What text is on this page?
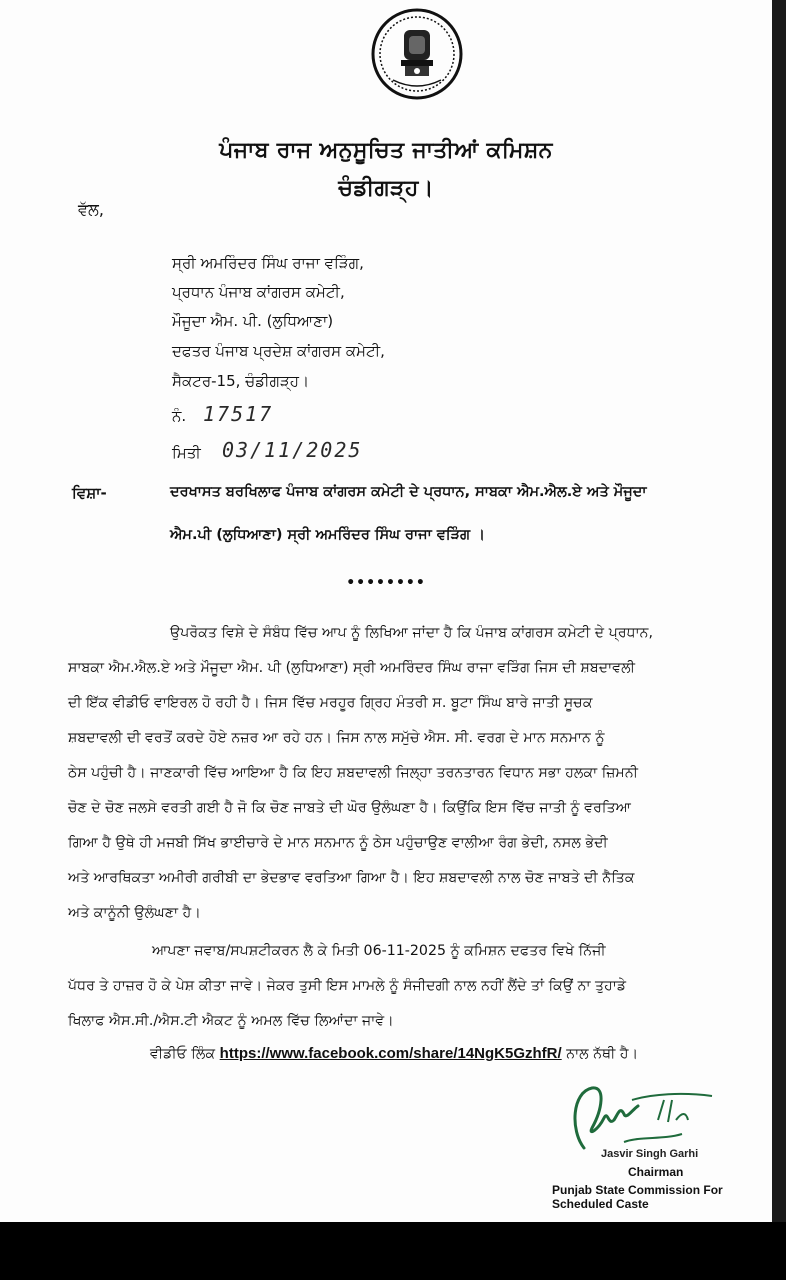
ਪੰਜਾਬ ਰਾਜ ਅਨੁਸੂਚਿਤ ਜਾਤੀਆਂ ਕਮਿਸ਼ਨ
ਚੰਡੀਗੜ੍ਹ।
ਵੱਲ,
ਸ੍ਰੀ ਅਮਰਿੰਦਰ ਸਿੰਘ ਰਾਜਾ ਵੜਿੰਗ,
ਪ੍ਰਧਾਨ ਪੰਜਾਬ ਕਾਂਗਰਸ ਕਮੇਟੀ,
ਮੌਜੂਦਾ ਐਮ. ਪੀ. (ਲੁਧਿਆਣਾ)
ਦਫਤਰ ਪੰਜਾਬ ਪ੍ਰਦੇਸ਼ ਕਾਂਗਰਸ ਕਮੇਟੀ,
ਸੈਕਟਰ-15, ਚੰਡੀਗੜ੍ਹ।
ਨੰ. 17517
ਮਿਤੀ 03/11/2025
ਵਿਸ਼ਾ-	ਦਰਖਾਸਤ ਬਰਖਿਲਾਫ ਪੰਜਾਬ ਕਾਂਗਰਸ ਕਮੇਟੀ ਦੇ ਪ੍ਰਧਾਨ, ਸਾਬਕਾ ਐਮ.ਐਲ.ਏ ਅਤੇ ਮੌਜੂਦਾ
ਐਮ.ਪੀ (ਲੁਧਿਆਣਾ) ਸ੍ਰੀ ਅਮਰਿੰਦਰ ਸਿੰਘ ਰਾਜਾ ਵੜਿੰਗ ।
••••••••
ਉਪਰੋਕਤ ਵਿਸ਼ੇ ਦੇ ਸੰਬੰਧ ਵਿੱਚ ਆਪ ਨੂੰ ਲਿਖਿਆ ਜਾਂਦਾ ਹੈ ਕਿ ਪੰਜਾਬ ਕਾਂਗਰਸ ਕਮੇਟੀ ਦੇ ਪ੍ਰਧਾਨ,
ਸਾਬਕਾ ਐਮ.ਐਲ.ਏ ਅਤੇ ਮੌਜੂਦਾ ਐਮ. ਪੀ (ਲੁਧਿਆਣਾ) ਸ੍ਰੀ ਅਮਰਿੰਦਰ ਸਿੰਘ ਰਾਜਾ ਵੜਿੰਗ ਜਿਸ ਦੀ ਸ਼ਬਦਾਵਲੀ
ਦੀ ਇੱਕ ਵੀਡੀਓ ਵਾਇਰਲ ਹੋ ਰਹੀ ਹੈ। ਜਿਸ ਵਿੱਚ ਮਰਹੂਰ ਗ੍ਰਿਹ ਮੰਤਰੀ ਸ. ਬੂਟਾ ਸਿੰਘ ਬਾਰੇ ਜਾਤੀ ਸੂਚਕ
ਸ਼ਬਦਾਵਲੀ ਦੀ ਵਰਤੋਂ ਕਰਦੇ ਹੋਏ ਨਜ਼ਰ ਆ ਰਹੇ ਹਨ। ਜਿਸ ਨਾਲ ਸਮੁੱਚੇ ਐਸ. ਸੀ. ਵਰਗ ਦੇ ਮਾਨ ਸਨਮਾਨ ਨੂੰ
ਠੇਸ ਪਹੁੰਚੀ ਹੈ। ਜਾਣਕਾਰੀ ਵਿੱਚ ਆਇਆ ਹੈ ਕਿ ਇਹ ਸ਼ਬਦਾਵਲੀ ਜਿਲ੍ਹਾ ਤਰਨਤਾਰਨ ਵਿਧਾਨ ਸਭਾ ਹਲਕਾ ਜ਼ਿਮਨੀ
ਚੋਣ ਦੇ ਚੋਣ ਜਲਸੇ ਵਰਤੀ ਗਈ ਹੈ ਜੋ ਕਿ ਚੋਣ ਜਾਬਤੇ ਦੀ ਘੋਰ ਉਲੰਘਣਾ ਹੈ। ਕਿਉਂਕਿ ਇਸ ਵਿੱਚ ਜਾਤੀ ਨੂੰ ਵਰਤਿਆ
ਗਿਆ ਹੈ ਉਥੇ ਹੀ ਮਜਬੀ ਸਿੱਖ ਭਾਈਚਾਰੇ ਦੇ ਮਾਨ ਸਨਮਾਨ ਨੂੰ ਠੇਸ ਪਹੁੰਚਾਉਣ ਵਾਲੀਆ ਰੰਗ ਭੇਦੀ, ਨਸਲ ਭੇਦੀ
ਅਤੇ ਆਰਥਿਕਤਾ ਅਮੀਰੀ ਗਰੀਬੀ ਦਾ ਭੇਦਭਾਵ ਵਰਤਿਆ ਗਿਆ ਹੈ। ਇਹ ਸ਼ਬਦਾਵਲੀ ਨਾਲ ਚੋਣ ਜਾਬਤੇ ਦੀ ਨੈਤਿਕ
ਅਤੇ ਕਾਨੂੰਨੀ ਉਲੰਘਣਾ ਹੈ।
ਆਪਣਾ ਜਵਾਬ/ਸਪਸ਼ਟੀਕਰਨ ਲੈ ਕੇ ਮਿਤੀ 06-11-2025 ਨੂੰ ਕਮਿਸ਼ਨ ਦਫਤਰ ਵਿਖੇ ਨਿੱਜੀ
ਪੱਧਰ ਤੇ ਹਾਜ਼ਰ ਹੋ ਕੇ ਪੇਸ਼ ਕੀਤਾ ਜਾਵੇ। ਜੇਕਰ ਤੁਸੀ ਇਸ ਮਾਮਲੇ ਨੂੰ ਸੰਜੀਦਗੀ ਨਾਲ ਨਹੀਂ ਲੈਂਦੇ ਤਾਂ ਕਿਉਂ ਨਾ ਤੁਹਾਡੇ
ਖਿਲਾਫ ਐਸ.ਸੀ./ਐਸ.ਟੀ ਐਕਟ ਨੂੰ ਅਮਲ ਵਿੱਚ ਲਿਆਂਦਾ ਜਾਵੇ।
ਵੀਡੀਓ ਲਿੰਕ https://www.facebook.com/share/14NgK5GzhfR/ ਨਾਲ ਨੱਥੀ ਹੈ।
Jasvir Singh Garhi
Chairman
Punjab State Commission For Scheduled Caste
